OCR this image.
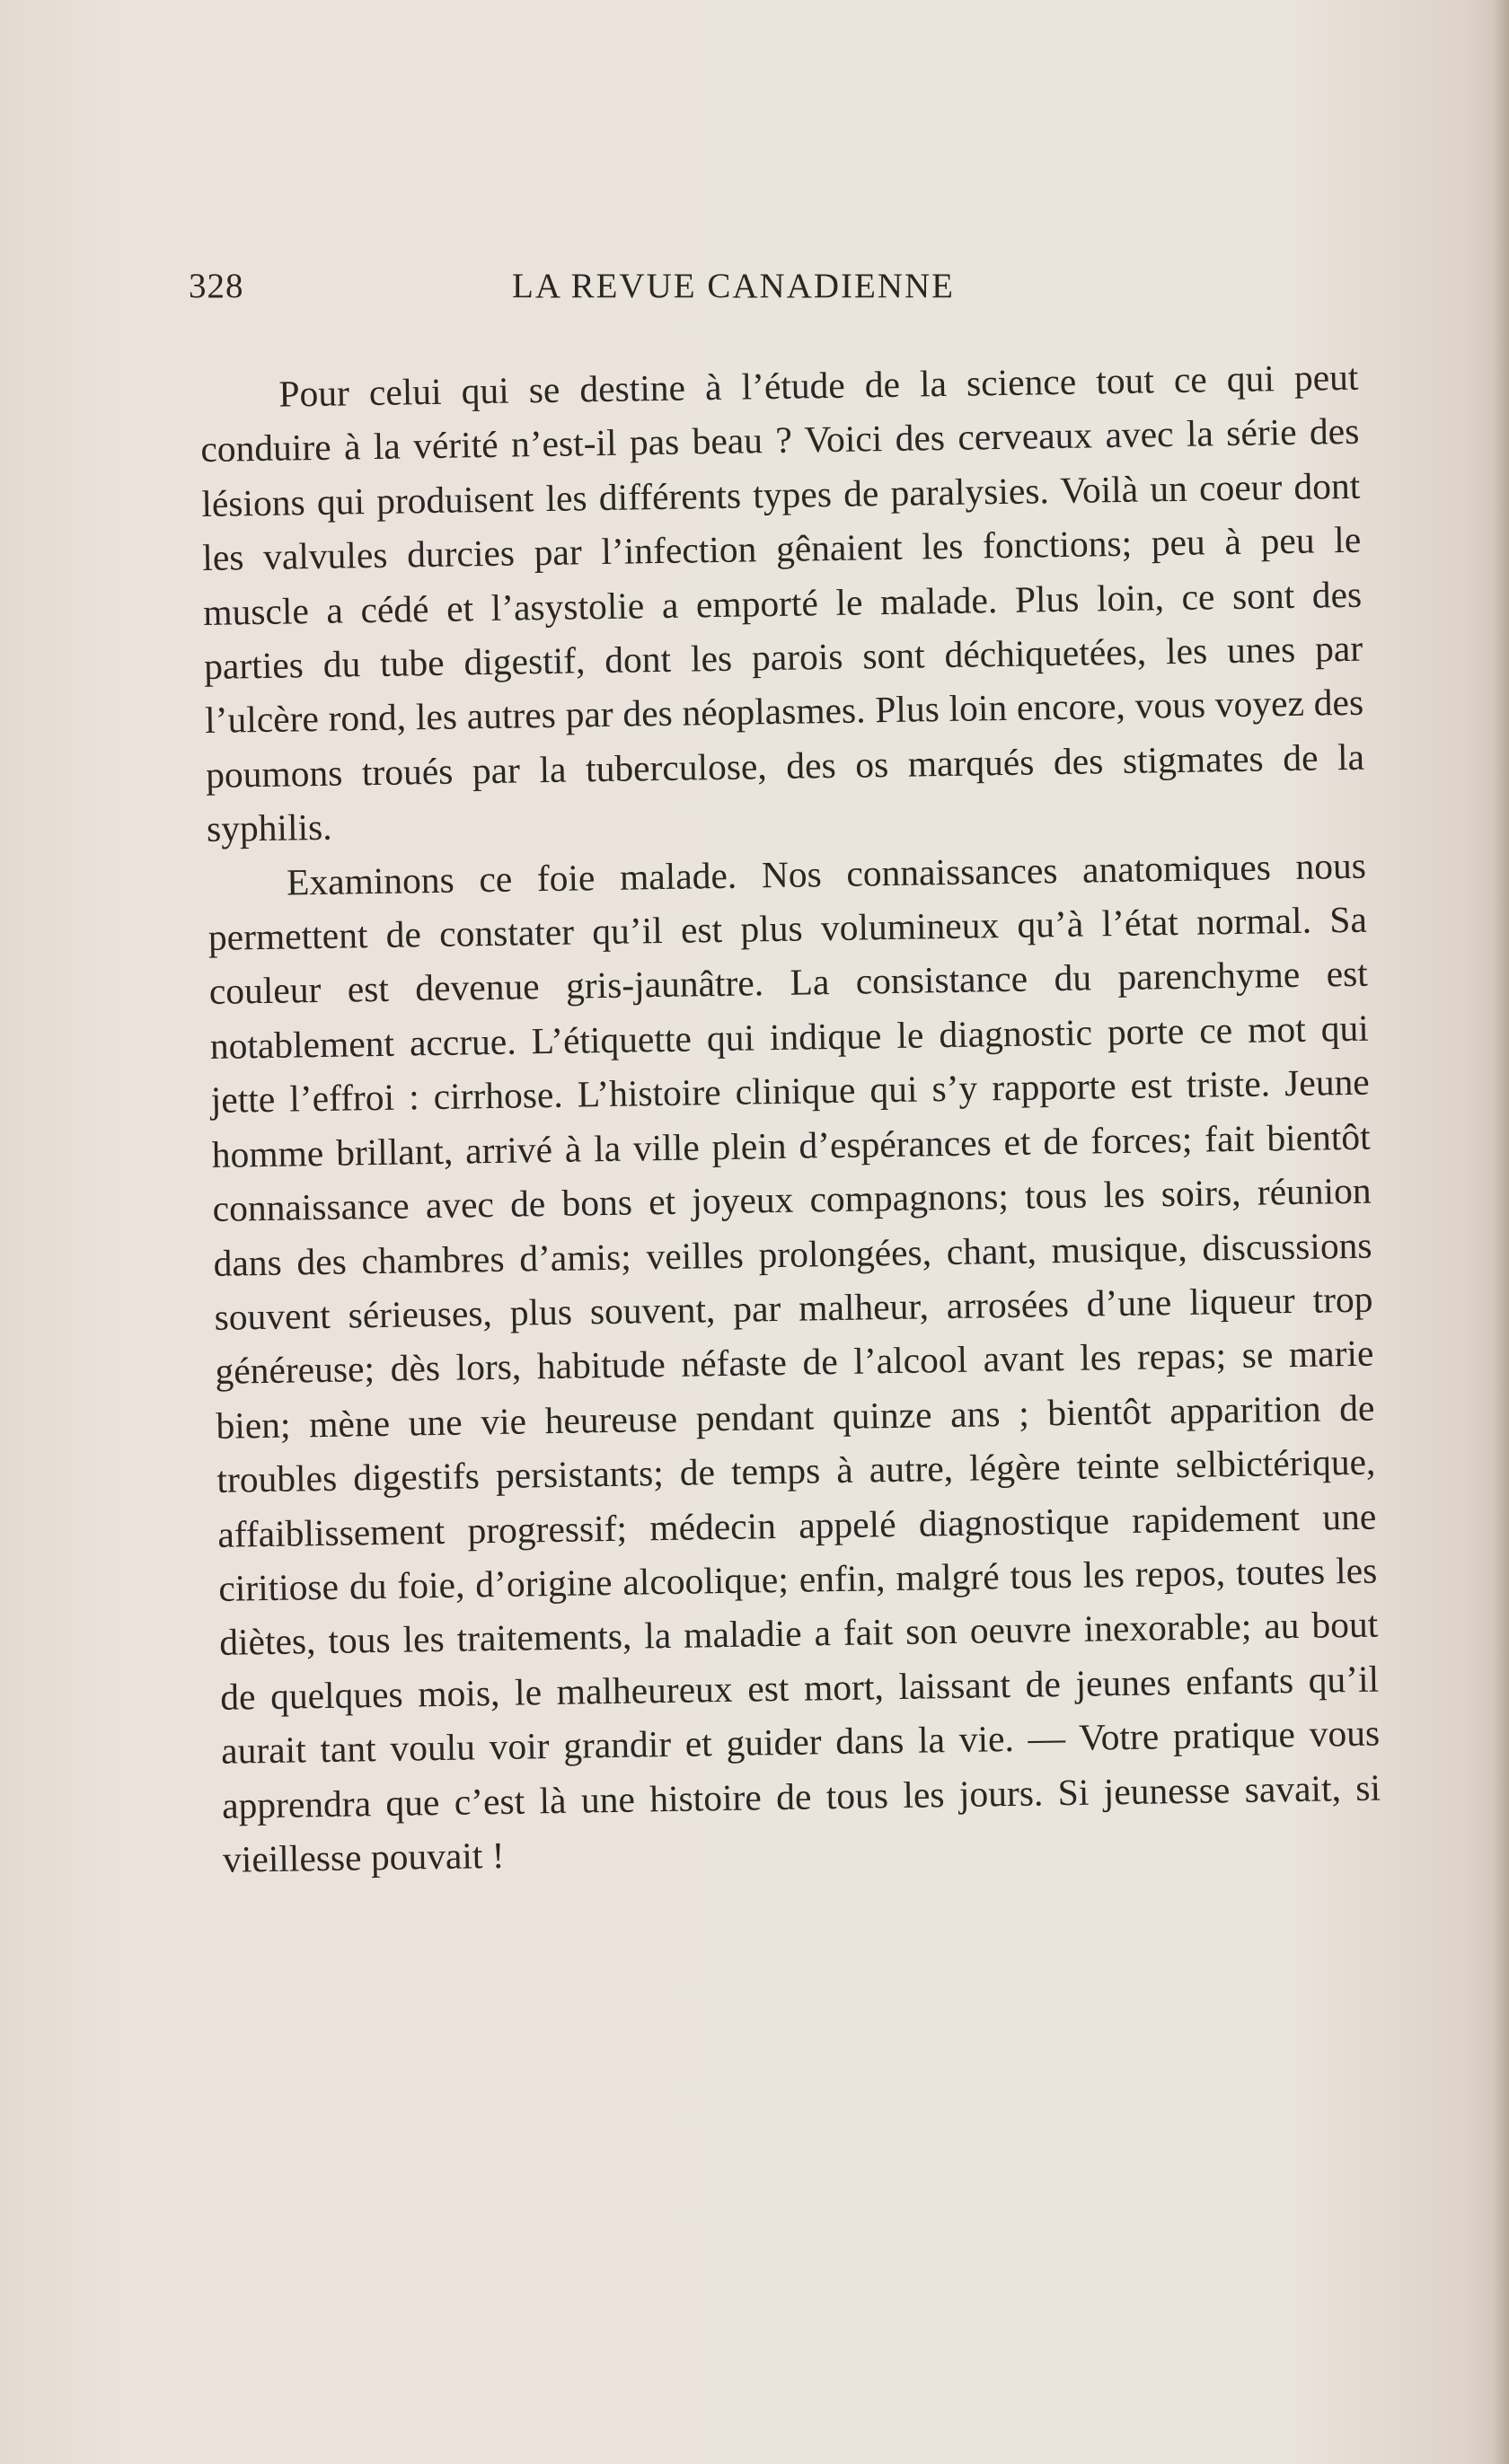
328	LA REVUE CANADIENNE

Pour celui qui se destine à l’étude de la science tout ce qui peut conduire à la vérité n’est-il pas beau ? Voici des cerveaux avec la série des lésions qui produisent les différents types de paralysies. Voilà un coeur dont les valvules durcies par l’infection gênaient les fonctions; peu à peu le muscle a cédé et l’asystolie a emporté le malade. Plus loin, ce sont des parties du tube digestif, dont les parois sont déchiquetées, les unes par l’ulcère rond, les autres par des néoplasmes. Plus loin encore, vous voyez des poumons troués par la tuberculose, des os marqués des stigmates de la syphilis.

Examinons ce foie malade. Nos connaissances anatomiques nous permettent de constater qu’il est plus volumineux qu’à l’état normal. Sa couleur est devenue gris-jaunâtre. La consistance du parenchyme est notablement accrue. L’étiquette qui indique le diagnostic porte ce mot qui jette l’effroi : cirrhose. L’histoire clinique qui s’y rapporte est triste. Jeune homme brillant, arrivé à la ville plein d’espérances et de forces; fait bientôt connaissance avec de bons et joyeux compagnons; tous les soirs, réunion dans des chambres d’amis; veilles prolongées, chant, musique, discussions souvent sérieuses, plus souvent, par malheur, arrosées d’une liqueur trop généreuse; dès lors, habitude néfaste de l’alcool avant les repas; se marie bien; mène une vie heureuse pendant quinze ans ; bientôt apparition de troubles digestifs persistants; de temps à autre, légère teinte selbictérique, affaiblissement progressif; médecin appelé diagnostique rapidement une ciritiose du foie, d’origine alcoolique; enfin, malgré tous les repos, toutes les diètes, tous les traitements, la maladie a fait son oeuvre inexorable; au bout de quelques mois, le malheureux est mort, laissant de jeunes enfants qu’il aurait tant voulu voir grandir et guider dans la vie. — Votre pratique vous apprendra que c’est là une histoire de tous les jours. Si jeunesse savait, si vieillesse pouvait !
